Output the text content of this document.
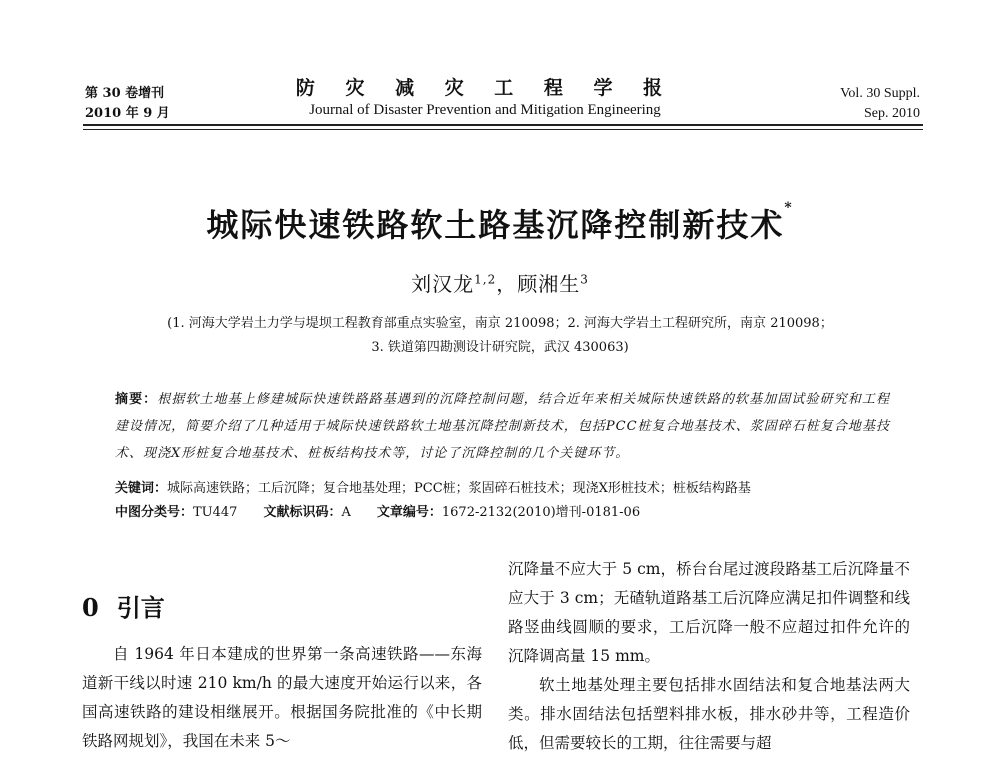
第 30 卷增刊
2010 年 9 月
防 灾 减 灾 工 程 学 报
Journal of Disaster Prevention and Mitigation Engineering
Vol. 30 Suppl.
Sep. 2010
城际快速铁路软土路基沉降控制新技术*
刘汉龙$^{1,2}$，顾湘生$^3$
(1. 河海大学岩土力学与堤坝工程教育部重点实验室，南京 210098；2. 河海大学岩土工程研究所，南京 210098；
3. 铁道第四勘测设计研究院，武汉 430063)
摘要：根据软土地基上修建城际快速铁路路基遇到的沉降控制问题，结合近年来相关城际快速铁路的软基加固试验研究和工程建设情况，简要介绍了几种适用于城际快速铁路软土地基沉降控制新技术，包括PCC桩复合地基技术、浆固碎石桩复合地基技术、现浇X形桩复合地基技术、桩板结构技术等，讨论了沉降控制的几个关键环节。
关键词：城际高速铁路；工后沉降；复合地基处理；PCC桩；浆固碎石桩技术；现浇X形桩技术；桩板结构路基
中图分类号：TU447 文献标识码：A 文章编号：1672-2132(2010)增刊-0181-06
0 引言

自 1964 年日本建成的世界第一条高速铁路——东海道新干线以时速 210 km/h 的最大速度开始运行以来，各国高速铁路的建设相继展开。根据国务院批准的《中长期铁路网规划》，我国在未来 5～

沉降量不应大于 5 cm，桥台台尾过渡段路基工后沉降量不应大于 3 cm；无碴轨道路基工后沉降应满足扣件调整和线路竖曲线圆顺的要求，工后沉降一般不应超过扣件允许的沉降调高量 15 mm。

软土地基处理主要包括排水固结法和复合地基法两大类。排水固结法包括塑料排水板，排水砂井等，工程造价低，但需要较长的工期，往往需要与超
